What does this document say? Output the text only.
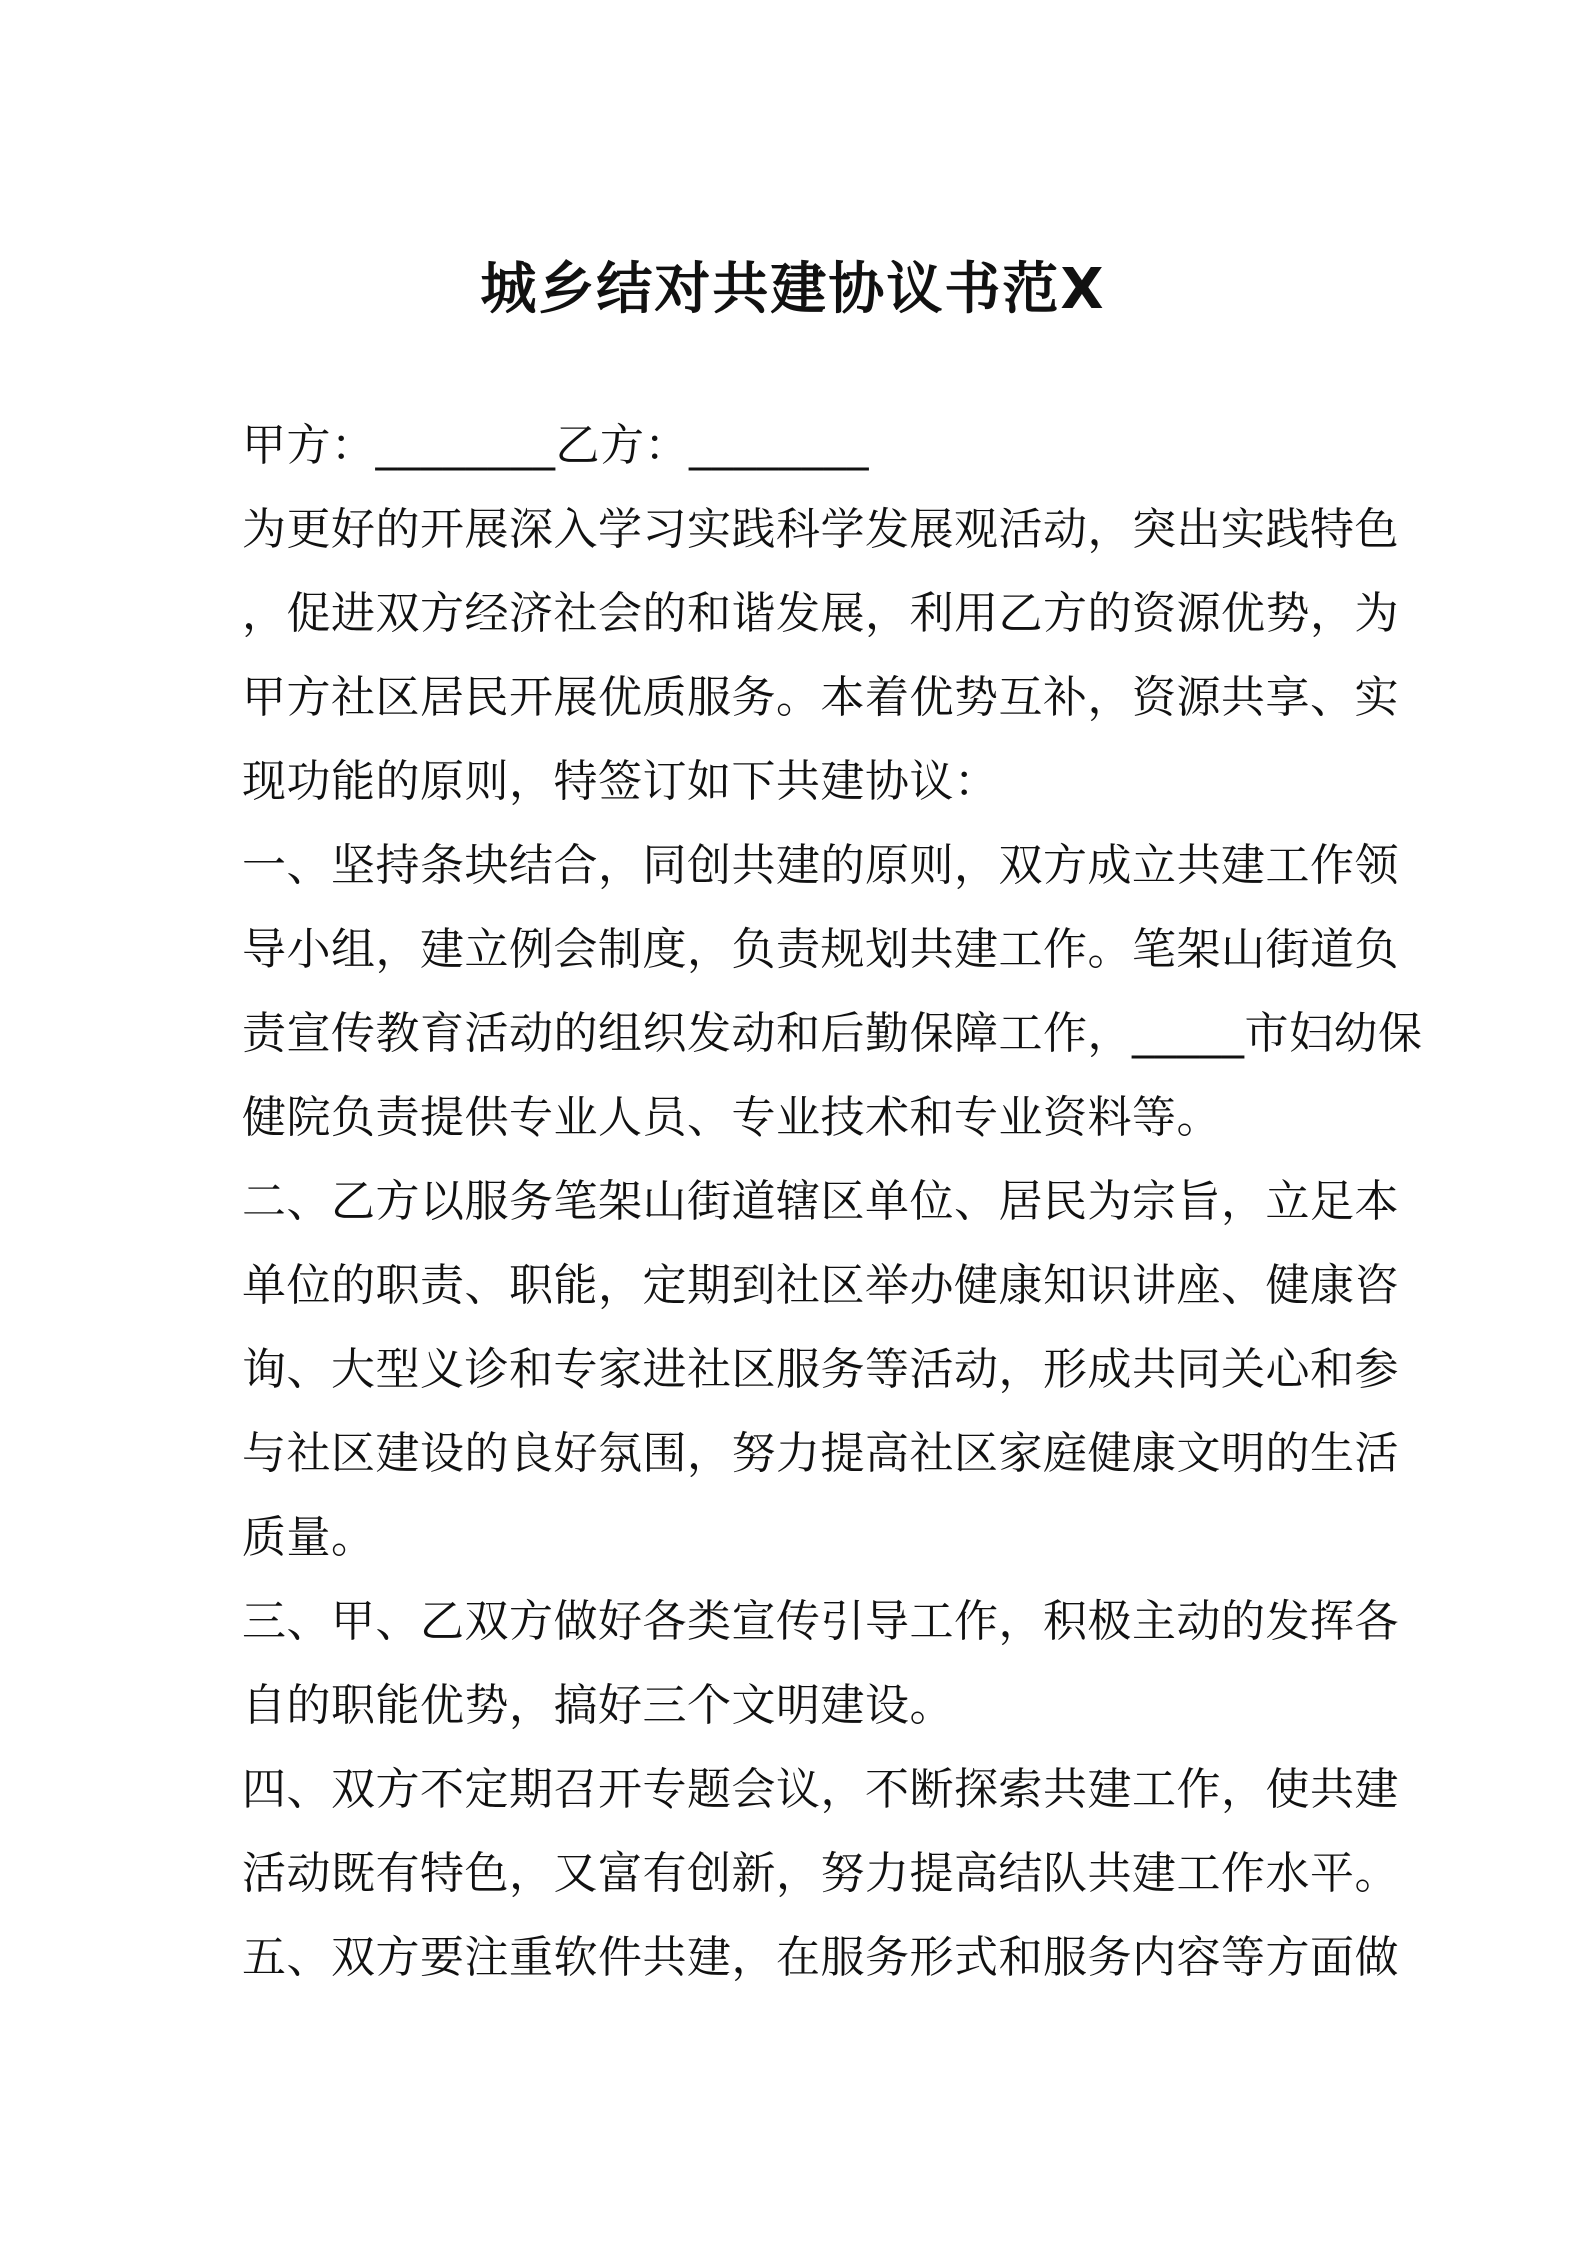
城乡结对共建协议书范X
甲方：________乙方：________
为更好的开展深入学习实践科学发展观活动，突出实践特色
，促进双方经济社会的和谐发展，利用乙方的资源优势，为
甲方社区居民开展优质服务。本着优势互补，资源共享、实
现功能的原则，特签订如下共建协议：
一、坚持条块结合，同创共建的原则，双方成立共建工作领
导小组，建立例会制度，负责规划共建工作。笔架山街道负
责宣传教育活动的组织发动和后勤保障工作，_____市妇幼保
健院负责提供专业人员、专业技术和专业资料等。
二、乙方以服务笔架山街道辖区单位、居民为宗旨，立足本
单位的职责、职能，定期到社区举办健康知识讲座、健康咨
询、大型义诊和专家进社区服务等活动，形成共同关心和参
与社区建设的良好氛围，努力提高社区家庭健康文明的生活
质量。
三、甲、乙双方做好各类宣传引导工作，积极主动的发挥各
自的职能优势，搞好三个文明建设。
四、双方不定期召开专题会议，不断探索共建工作，使共建
活动既有特色，又富有创新，努力提高结队共建工作水平。
五、双方要注重软件共建，在服务形式和服务内容等方面做
